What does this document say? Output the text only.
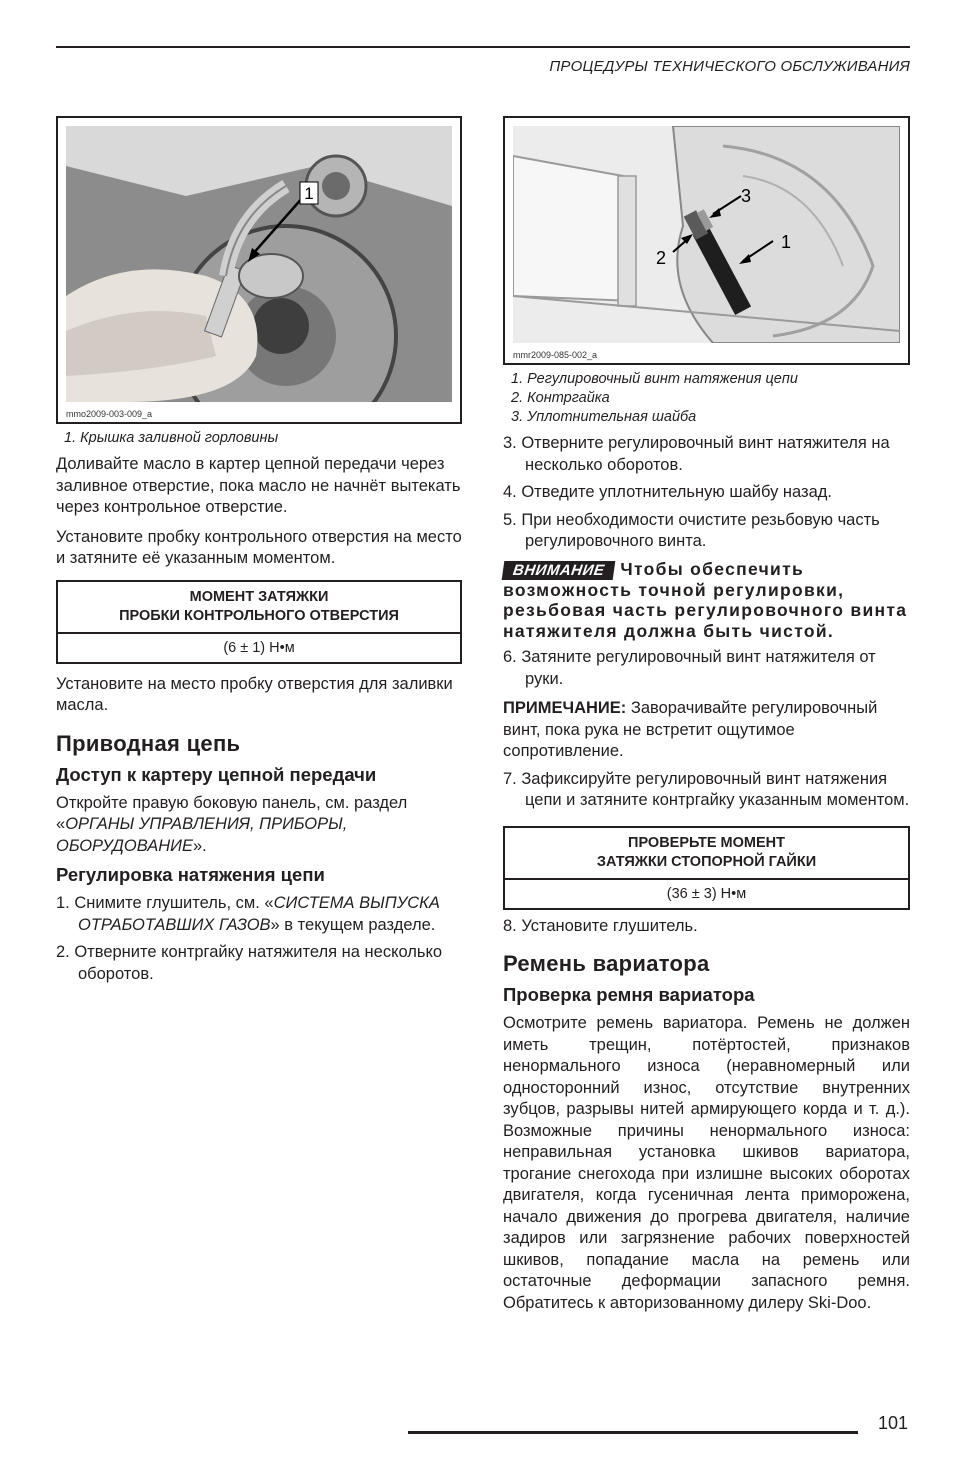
ПРОЦЕДУРЫ ТЕХНИЧЕСКОГО ОБСЛУЖИВАНИЯ
1
mmo2009-003-009_a
1. Крышка заливной горловины

Доливайте масло в картер цепной передачи через заливное отверстие, пока масло не начнёт вытекать через контрольное отверстие.

Установите пробку контрольного отверстия на место и затяните её указанным моментом.

МОМЕНТ ЗАТЯЖКИ
ПРОБКИ КОНТРОЛЬНОГО ОТВЕРСТИЯ
(6 ± 1) Н•м

Установите на место пробку отверстия для заливки масла.

Приводная цепь
Доступ к картеру цепной передачи

Откройте правую боковую панель, см. раздел «ОРГАНЫ УПРАВЛЕНИЯ, ПРИБОРЫ, ОБОРУДОВАНИЕ».

Регулировка натяжения цепи
1. Снимите глушитель, см. «СИСТЕМА ВЫПУСКА ОТРАБОТАВШИХ ГАЗОВ» в текущем разделе.
2. Отверните контргайку натяжителя на несколько оборотов.
1
2
3
mmr2009-085-002_a
1. Регулировочный винт натяжения цепи
2. Контргайка
3. Уплотнительная шайба
3. Отверните регулировочный винт натяжителя на несколько оборотов.
4. Отведите уплотнительную шайбу назад.
5. При необходимости очистите резьбовую часть регулировочного винта.
ВНИМАНИЕ Чтобы обеспечить возможность точной регулировки, резьбовая часть регулировочного винта натяжителя должна быть чистой.
6. Затяните регулировочный винт натяжителя от руки.

ПРИМЕЧАНИЕ: Заворачивайте регулировочный винт, пока рука не встретит ощутимое сопротивление.

7. Зафиксируйте регулировочный винт натяжения цепи и затяните контргайку указанным моментом.
ПРОВЕРЬТЕ МОМЕНТ
ЗАТЯЖКИ СТОПОРНОЙ ГАЙКИ
(36 ± 3) Н•м
8. Установите глушитель.
Ремень вариатора
Проверка ремня вариатора

Осмотрите ремень вариатора. Ремень не должен иметь трещин, потёртостей, признаков ненормального износа (неравномерный или односторонний износ, отсутствие внутренних зубцов, разрывы нитей армирующего корда и т. д.). Возможные причины ненормального износа: неправильная установка шкивов вариатора, трогание снегохода при излишне высоких оборотах двигателя, когда гусеничная лента приморожена, начало движения до прогрева двигателя, наличие задиров или загрязнение рабочих поверхностей шкивов, попадание масла на ремень или остаточные деформации запасного ремня. Обратитесь к авторизованному дилеру Ski-Doo.

101
